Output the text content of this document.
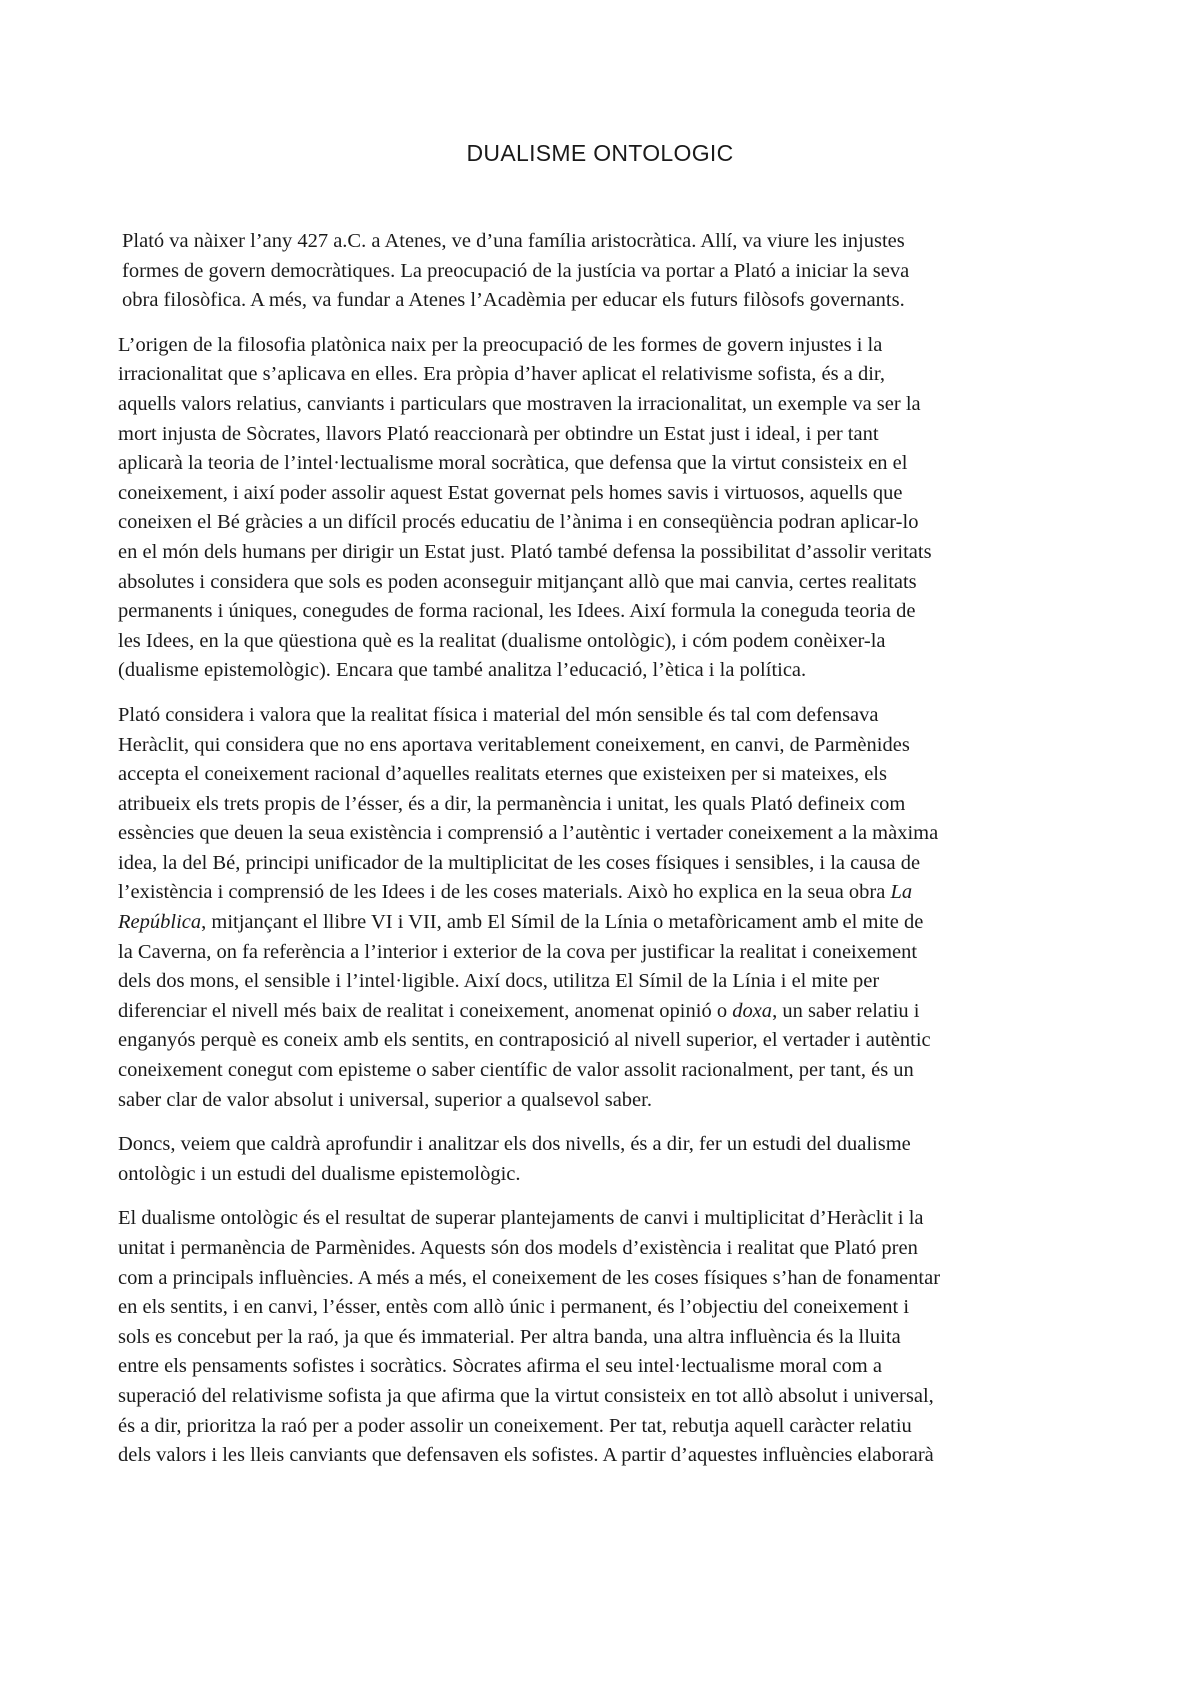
DUALISME ONTOLOGIC

Plató va nàixer l’any 427 a.C. a Atenes, ve d’una família aristocràtica. Allí, va viure les injustes
formes de govern democràtiques. La preocupació de la justícia va portar a Plató a iniciar la seva
obra filosòfica. A més, va fundar a Atenes l’Acadèmia per educar els futurs filòsofs governants.

L’origen de la filosofia platònica naix per la preocupació de les formes de govern injustes i la
irracionalitat que s’aplicava en elles. Era pròpia d’haver aplicat el relativisme sofista, és a dir,
aquells valors relatius, canviants i particulars que mostraven la irracionalitat, un exemple va ser la
mort injusta de Sòcrates, llavors Plató reaccionarà per obtindre un Estat just i ideal, i per tant
aplicarà la teoria de l’intel·lectualisme moral socràtica, que defensa que la virtut consisteix en el
coneixement, i així poder assolir aquest Estat governat pels homes savis i virtuosos, aquells que
coneixen el Bé gràcies a un difícil procés educatiu de l’ànima i en conseqüència podran aplicar-lo
en el món dels humans per dirigir un Estat just. Plató també defensa la possibilitat d’assolir veritats
absolutes i considera que sols es poden aconseguir mitjançant allò que mai canvia, certes realitats
permanents i úniques, conegudes de forma racional, les Idees. Així formula la coneguda teoria de
les Idees, en la que qüestiona què es la realitat (dualisme ontològic), i cóm podem conèixer-la
(dualisme epistemològic). Encara que també analitza l’educació, l’ètica i la política.

Plató considera i valora que la realitat física i material del món sensible és tal com defensava
Heràclit, qui considera que no ens aportava veritablement coneixement, en canvi, de Parmènides
accepta el coneixement racional d’aquelles realitats eternes que existeixen per si mateixes, els
atribueix els trets propis de l’ésser, és a dir, la permanència i unitat, les quals Plató defineix com
essències que deuen la seua existència i comprensió a l’autèntic i vertader coneixement a la màxima
idea, la del Bé, principi unificador de la multiplicitat de les coses físiques i sensibles, i la causa de
l’existència i comprensió de les Idees i de les coses materials. Això ho explica en la seua obra La
República, mitjançant el llibre VI i VII, amb El Símil de la Línia o metafòricament amb el mite de
la Caverna, on fa referència a l’interior i exterior de la cova per justificar la realitat i coneixement
dels dos mons, el sensible i l’intel·ligible. Així docs, utilitza El Símil de la Línia i el mite per
diferenciar el nivell més baix de realitat i coneixement, anomenat opinió o doxa, un saber relatiu i
enganyós perquè es coneix amb els sentits, en contraposició al nivell superior, el vertader i autèntic
coneixement conegut com episteme o saber científic de valor assolit racionalment, per tant, és un
saber clar de valor absolut i universal, superior a qualsevol saber.

Doncs, veiem que caldrà aprofundir i analitzar els dos nivells, és a dir, fer un estudi del dualisme
ontològic i un estudi del dualisme epistemològic.

El dualisme ontològic és el resultat de superar plantejaments de canvi i multiplicitat d’Heràclit i la
unitat i permanència de Parmènides. Aquests són dos models d’existència i realitat que Plató pren
com a principals influències. A més a més, el coneixement de les coses físiques s’han de fonamentar
en els sentits, i en canvi, l’ésser, entès com allò únic i permanent, és l’objectiu del coneixement i
sols es concebut per la raó, ja que és immaterial. Per altra banda, una altra influència és la lluita
entre els pensaments sofistes i socràtics. Sòcrates afirma el seu intel·lectualisme moral com a
superació del relativisme sofista ja que afirma que la virtut consisteix en tot allò absolut i universal,
és a dir, prioritza la raó per a poder assolir un coneixement. Per tat, rebutja aquell caràcter relatiu
dels valors i les lleis canviants que defensaven els sofistes. A partir d’aquestes influències elaborarà
